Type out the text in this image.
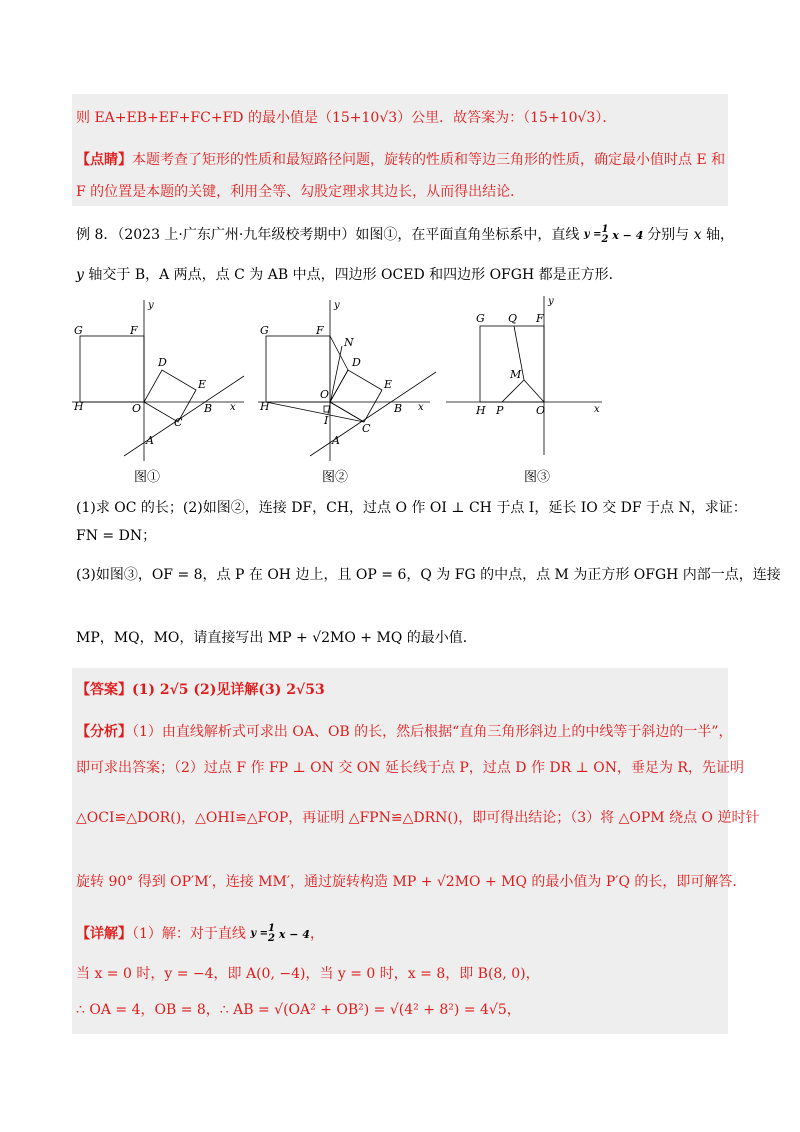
则 EA+EB+EF+FC+FD 的最小值是（15+10√3）公里．故答案为：（15+10√3）．
【点睛】本题考查了矩形的性质和最短路径问题，旋转的性质和等边三角形的性质，确定最小值时点 E 和
F 的位置是本题的关键，利用全等、勾股定理求其边长，从而得出结论．
例 8．（2023 上·广东广州·九年级校考期中）如图①，在平面直角坐标系中，直线 y = 1
2 x − 4 分别与 x 轴，
y 轴交于 B，A 两点，点 C 为 AB 中点，四边形 OCED 和四边形 OFGH 都是正方形．
G	F
y
D
E
H	O	B x
C
A
图①
G	F
y
N
D
E
H
O
I
B x
C
A
图②
y
G Q F
M
H P	O	x
图③
(1)求 OC 的长；(2)如图②，连接 DF，CH，过点 O 作 OI ⊥ CH 于点 I，延长 IO 交 DF 于点 N，求证：
FN = DN；
(3)如图③，OF = 8，点 P 在 OH 边上，且 OP = 6，Q 为 FG 的中点，点 M 为正方形 OFGH 内部一点，连接
MP，MQ，MO，请直接写出 MP + √2MO + MQ 的最小值．
【答案】(1) 2√5 (2)见详解(3) 2√53
【分析】（1）由直线解析式可求出 OA、OB 的长，然后根据“直角三角形斜边上的中线等于斜边的一半”，
即可求出答案；（2）过点 F 作 FP ⊥ ON 交 ON 延长线于点 P，过点 D 作 DR ⊥ ON，垂足为 R，先证明
△OCI≌△DOR()，△OHI≌△FOP，再证明 △FPN≌△DRN()，即可得出结论；（3）将 △OPM 绕点 O 逆时针
旋转 90° 得到 OP′M′，连接 MM′，通过旋转构造 MP + √2MO + MQ 的最小值为 P′Q 的长，即可解答．
【详解】（1）解：对于直线 y = 1
2 x − 4，
当 x = 0 时，y = −4，即 A(0, −4)，当 y = 0 时，x = 8，即 B(8, 0)，
∴ OA = 4，OB = 8，∴ AB = √(OA² + OB²) = √(4² + 8²) = 4√5，
